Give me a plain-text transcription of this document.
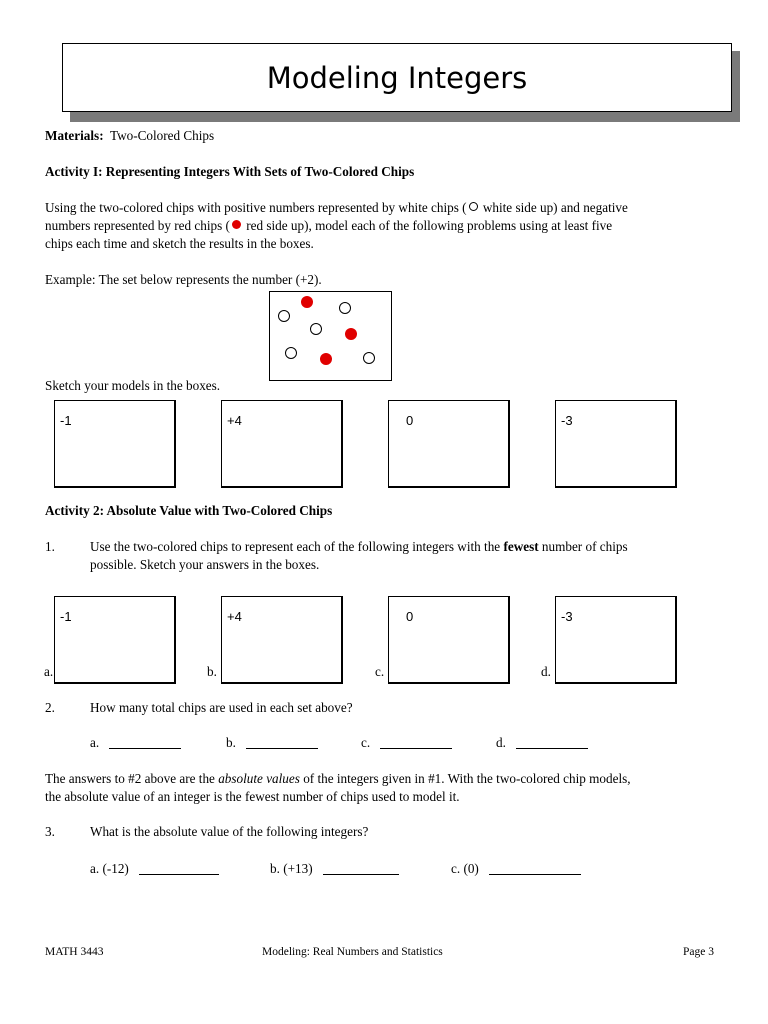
Modeling Integers
Materials: Two-Colored Chips
Activity I: Representing Integers With Sets of Two-Colored Chips
Using the two-colored chips with positive numbers represented by white chips ( white side up) and negative
numbers represented by red chips ( red side up), model each of the following problems using at least five
chips each time and sketch the results in the boxes.
Example: The set below represents the number (+2).
Sketch your models in the boxes.
-1	+4	0	-3
Activity 2: Absolute Value with Two-Colored Chips
1.	Use the two-colored chips to represent each of the following integers with the fewest number of chips
possible. Sketch your answers in the boxes.
-1	+4	0	-3
a.	b.	c.	d.
2.	How many total chips are used in each set above?
a.	b.	c.	d.
The answers to #2 above are the absolute values of the integers given in #1. With the two-colored chip models,
the absolute value of an integer is the fewest number of chips used to model it.
3.	What is the absolute value of the following integers?
a. (-12)	b. (+13)	c. (0)
MATH 3443	Modeling: Real Numbers and Statistics	Page 3
